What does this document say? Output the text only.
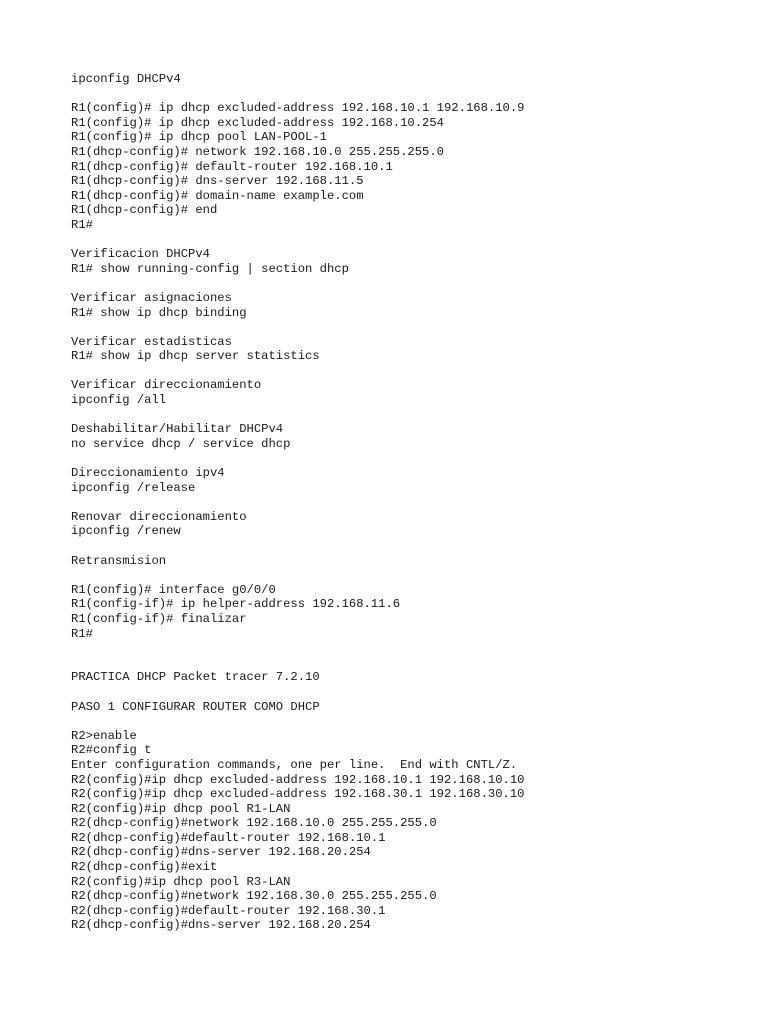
ipconfig DHCPv4
R1(config)# ip dhcp excluded-address 192.168.10.1 192.168.10.9
R1(config)# ip dhcp excluded-address 192.168.10.254
R1(config)# ip dhcp pool LAN-POOL-1
R1(dhcp-config)# network 192.168.10.0 255.255.255.0
R1(dhcp-config)# default-router 192.168.10.1
R1(dhcp-config)# dns-server 192.168.11.5
R1(dhcp-config)# domain-name example.com
R1(dhcp-config)# end
R1#
Verificacion DHCPv4
R1# show running-config | section dhcp
Verificar asignaciones
R1# show ip dhcp binding
Verificar estadisticas
R1# show ip dhcp server statistics
Verificar direccionamiento
ipconfig /all
Deshabilitar/Habilitar DHCPv4
no service dhcp / service dhcp
Direccionamiento ipv4
ipconfig /release
Renovar direccionamiento
ipconfig /renew
Retransmision
R1(config)# interface g0/0/0
R1(config-if)# ip helper-address 192.168.11.6
R1(config-if)# finalizar
R1#
PRACTICA DHCP Packet tracer 7.2.10
PASO 1 CONFIGURAR ROUTER COMO DHCP
R2>enable
R2#config t
Enter configuration commands, one per line.  End with CNTL/Z.
R2(config)#ip dhcp excluded-address 192.168.10.1 192.168.10.10
R2(config)#ip dhcp excluded-address 192.168.30.1 192.168.30.10
R2(config)#ip dhcp pool R1-LAN
R2(dhcp-config)#network 192.168.10.0 255.255.255.0
R2(dhcp-config)#default-router 192.168.10.1
R2(dhcp-config)#dns-server 192.168.20.254
R2(dhcp-config)#exit
R2(config)#ip dhcp pool R3-LAN
R2(dhcp-config)#network 192.168.30.0 255.255.255.0
R2(dhcp-config)#default-router 192.168.30.1
R2(dhcp-config)#dns-server 192.168.20.254
